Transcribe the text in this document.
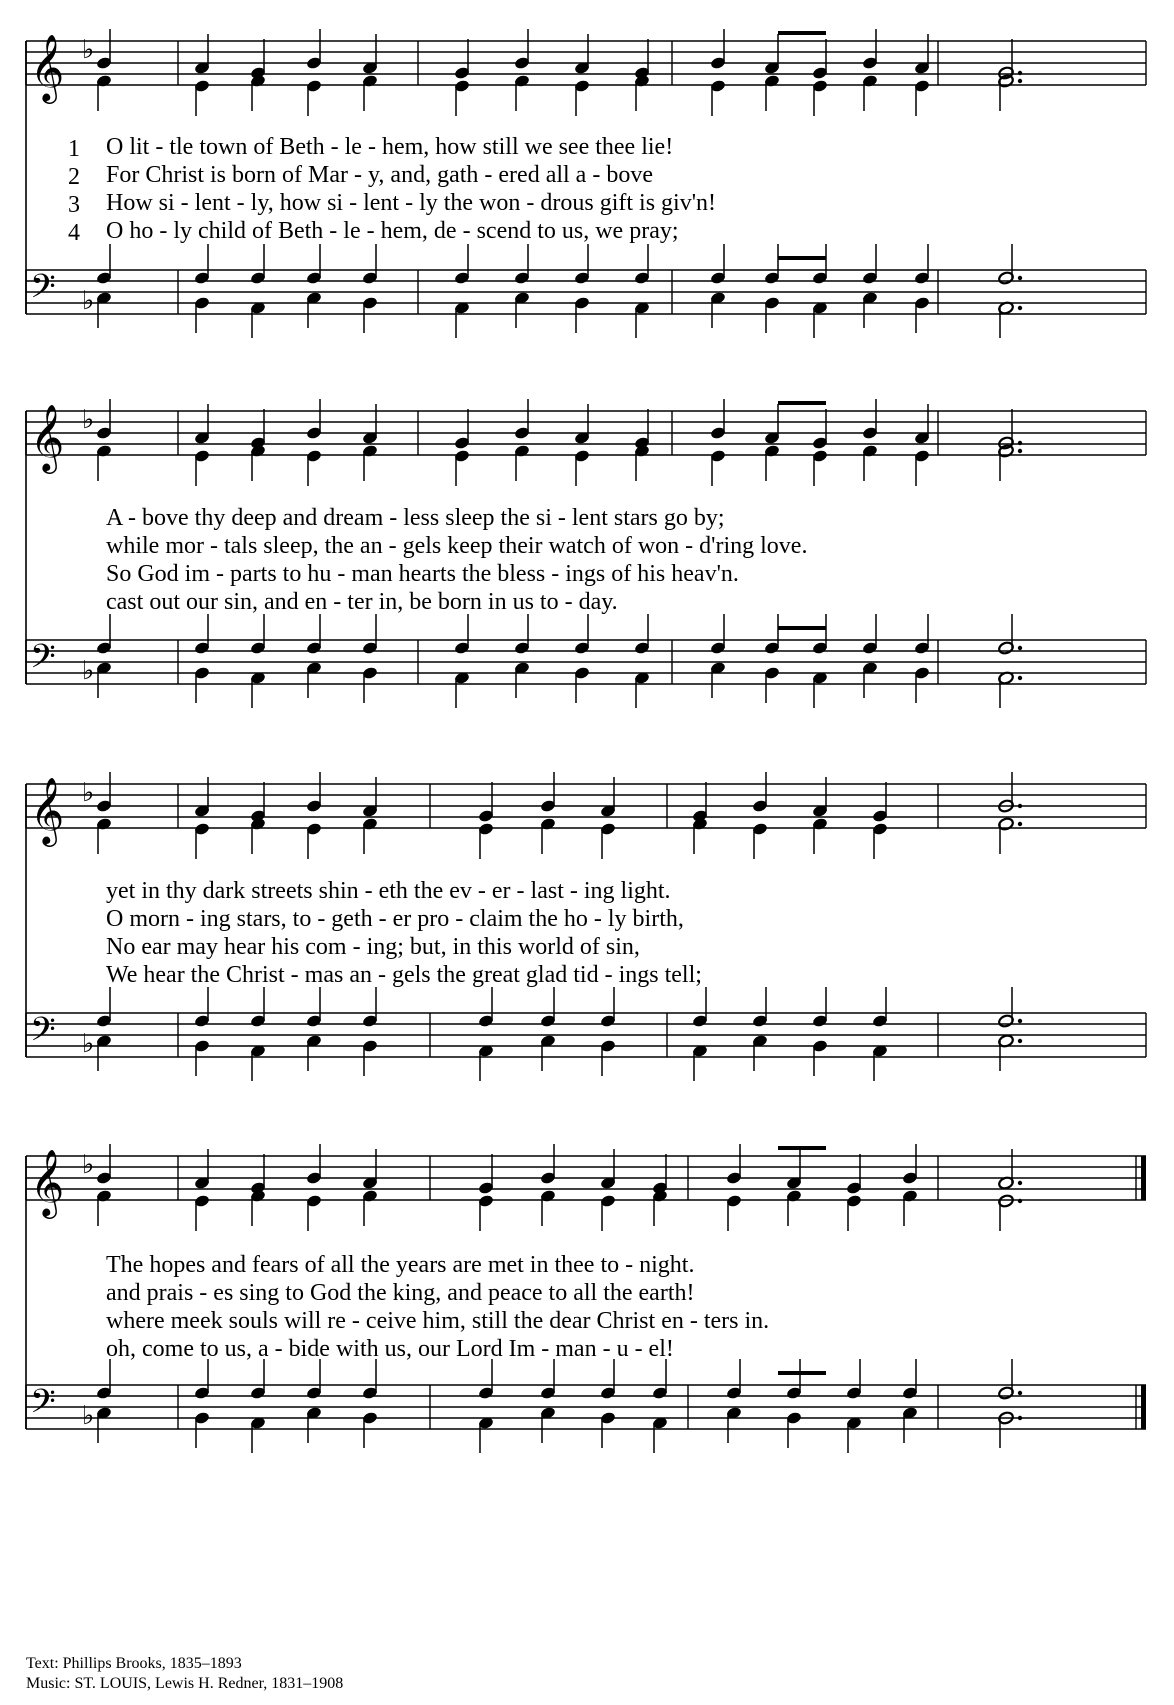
𝄞 ♭
𝄢 ♭
𝄞 ♭
𝄢 ♭
𝄞 ♭
𝄢 ♭
𝄞 ♭
𝄢 ♭
1 O lit - tle town of Beth - le - hem, how still we see thee lie!
2 For Christ is born of Mar - y, and, gath - ered all a - bove
3 How si - lent - ly, how si - lent - ly the won - drous gift is giv'n!
4 O ho - ly child of Beth - le - hem, de - scend to us, we pray;
A - bove thy deep and dream - less sleep the si - lent stars go by;
while mor - tals sleep, the an - gels keep their watch of won - d'ring love.
So God im - parts to hu - man hearts the bless - ings of his heav'n.
cast out our sin, and en - ter in, be born in us to - day.
yet in thy dark streets shin - eth the ev - er - last - ing light.
O morn - ing stars, to - geth - er pro - claim the ho - ly birth,
No ear may hear his com - ing; but, in this world of sin,
We hear the Christ - mas an - gels the great glad tid - ings tell;
The hopes and fears of all the years are met in thee to - night.
and prais - es sing to God the king, and peace to all the earth!
where meek souls will re - ceive him, still the dear Christ en - ters in.
oh, come to us, a - bide with us, our Lord Im - man - u - el!
Text: Phillips Brooks, 1835–1893
Music: ST. LOUIS, Lewis H. Redner, 1831–1908
